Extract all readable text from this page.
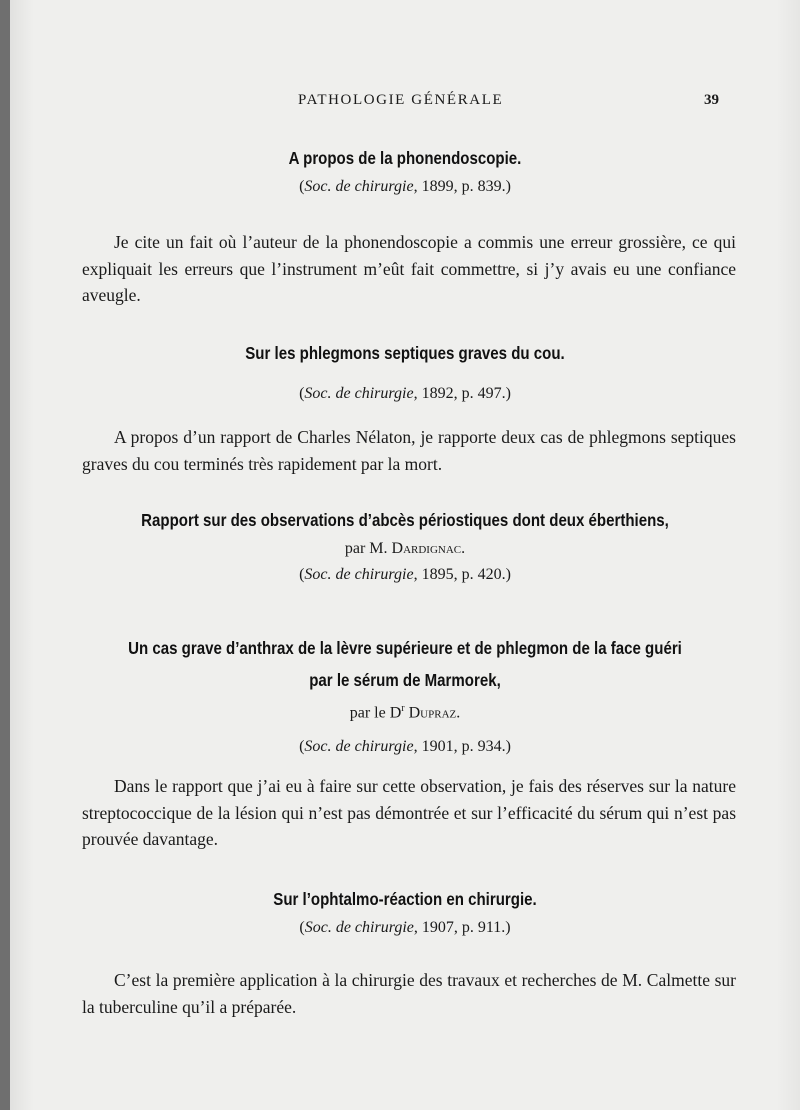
PATHOLOGIE GÉNÉRALE	39

A propos de la phonendoscopie.

(Soc. de chirurgie, 1899, p. 839.)

Je cite un fait où l’auteur de la phonendoscopie a commis une erreur grossière, ce qui expliquait les erreurs que l’instrument m’eût fait commettre, si j’y avais eu une confiance aveugle.

Sur les phlegmons septiques graves du cou.

(Soc. de chirurgie, 1892, p. 497.)

A propos d’un rapport de Charles Nélaton, je rapporte deux cas de phlegmons septiques graves du cou terminés très rapidement par la mort.

Rapport sur des observations d’abcès périostiques dont deux éberthiens,

par M. Dardignac.

(Soc. de chirurgie, 1895, p. 420.)

Un cas grave d’anthrax de la lèvre supérieure et de phlegmon de la face guéri

par le sérum de Marmorek,

par le $D^r$ Dupraz.

(Soc. de chirurgie, 1901, p. 934.)

Dans le rapport que j’ai eu à faire sur cette observation, je fais des réserves sur la nature streptococcique de la lésion qui n’est pas démontrée et sur l’efficacité du sérum qui n’est pas prouvée davantage.

Sur l’ophtalmo-réaction en chirurgie.

(Soc. de chirurgie, 1907, p. 911.)

C’est la première application à la chirurgie des travaux et recherches de M. Calmette sur la tuberculine qu’il a préparée.
